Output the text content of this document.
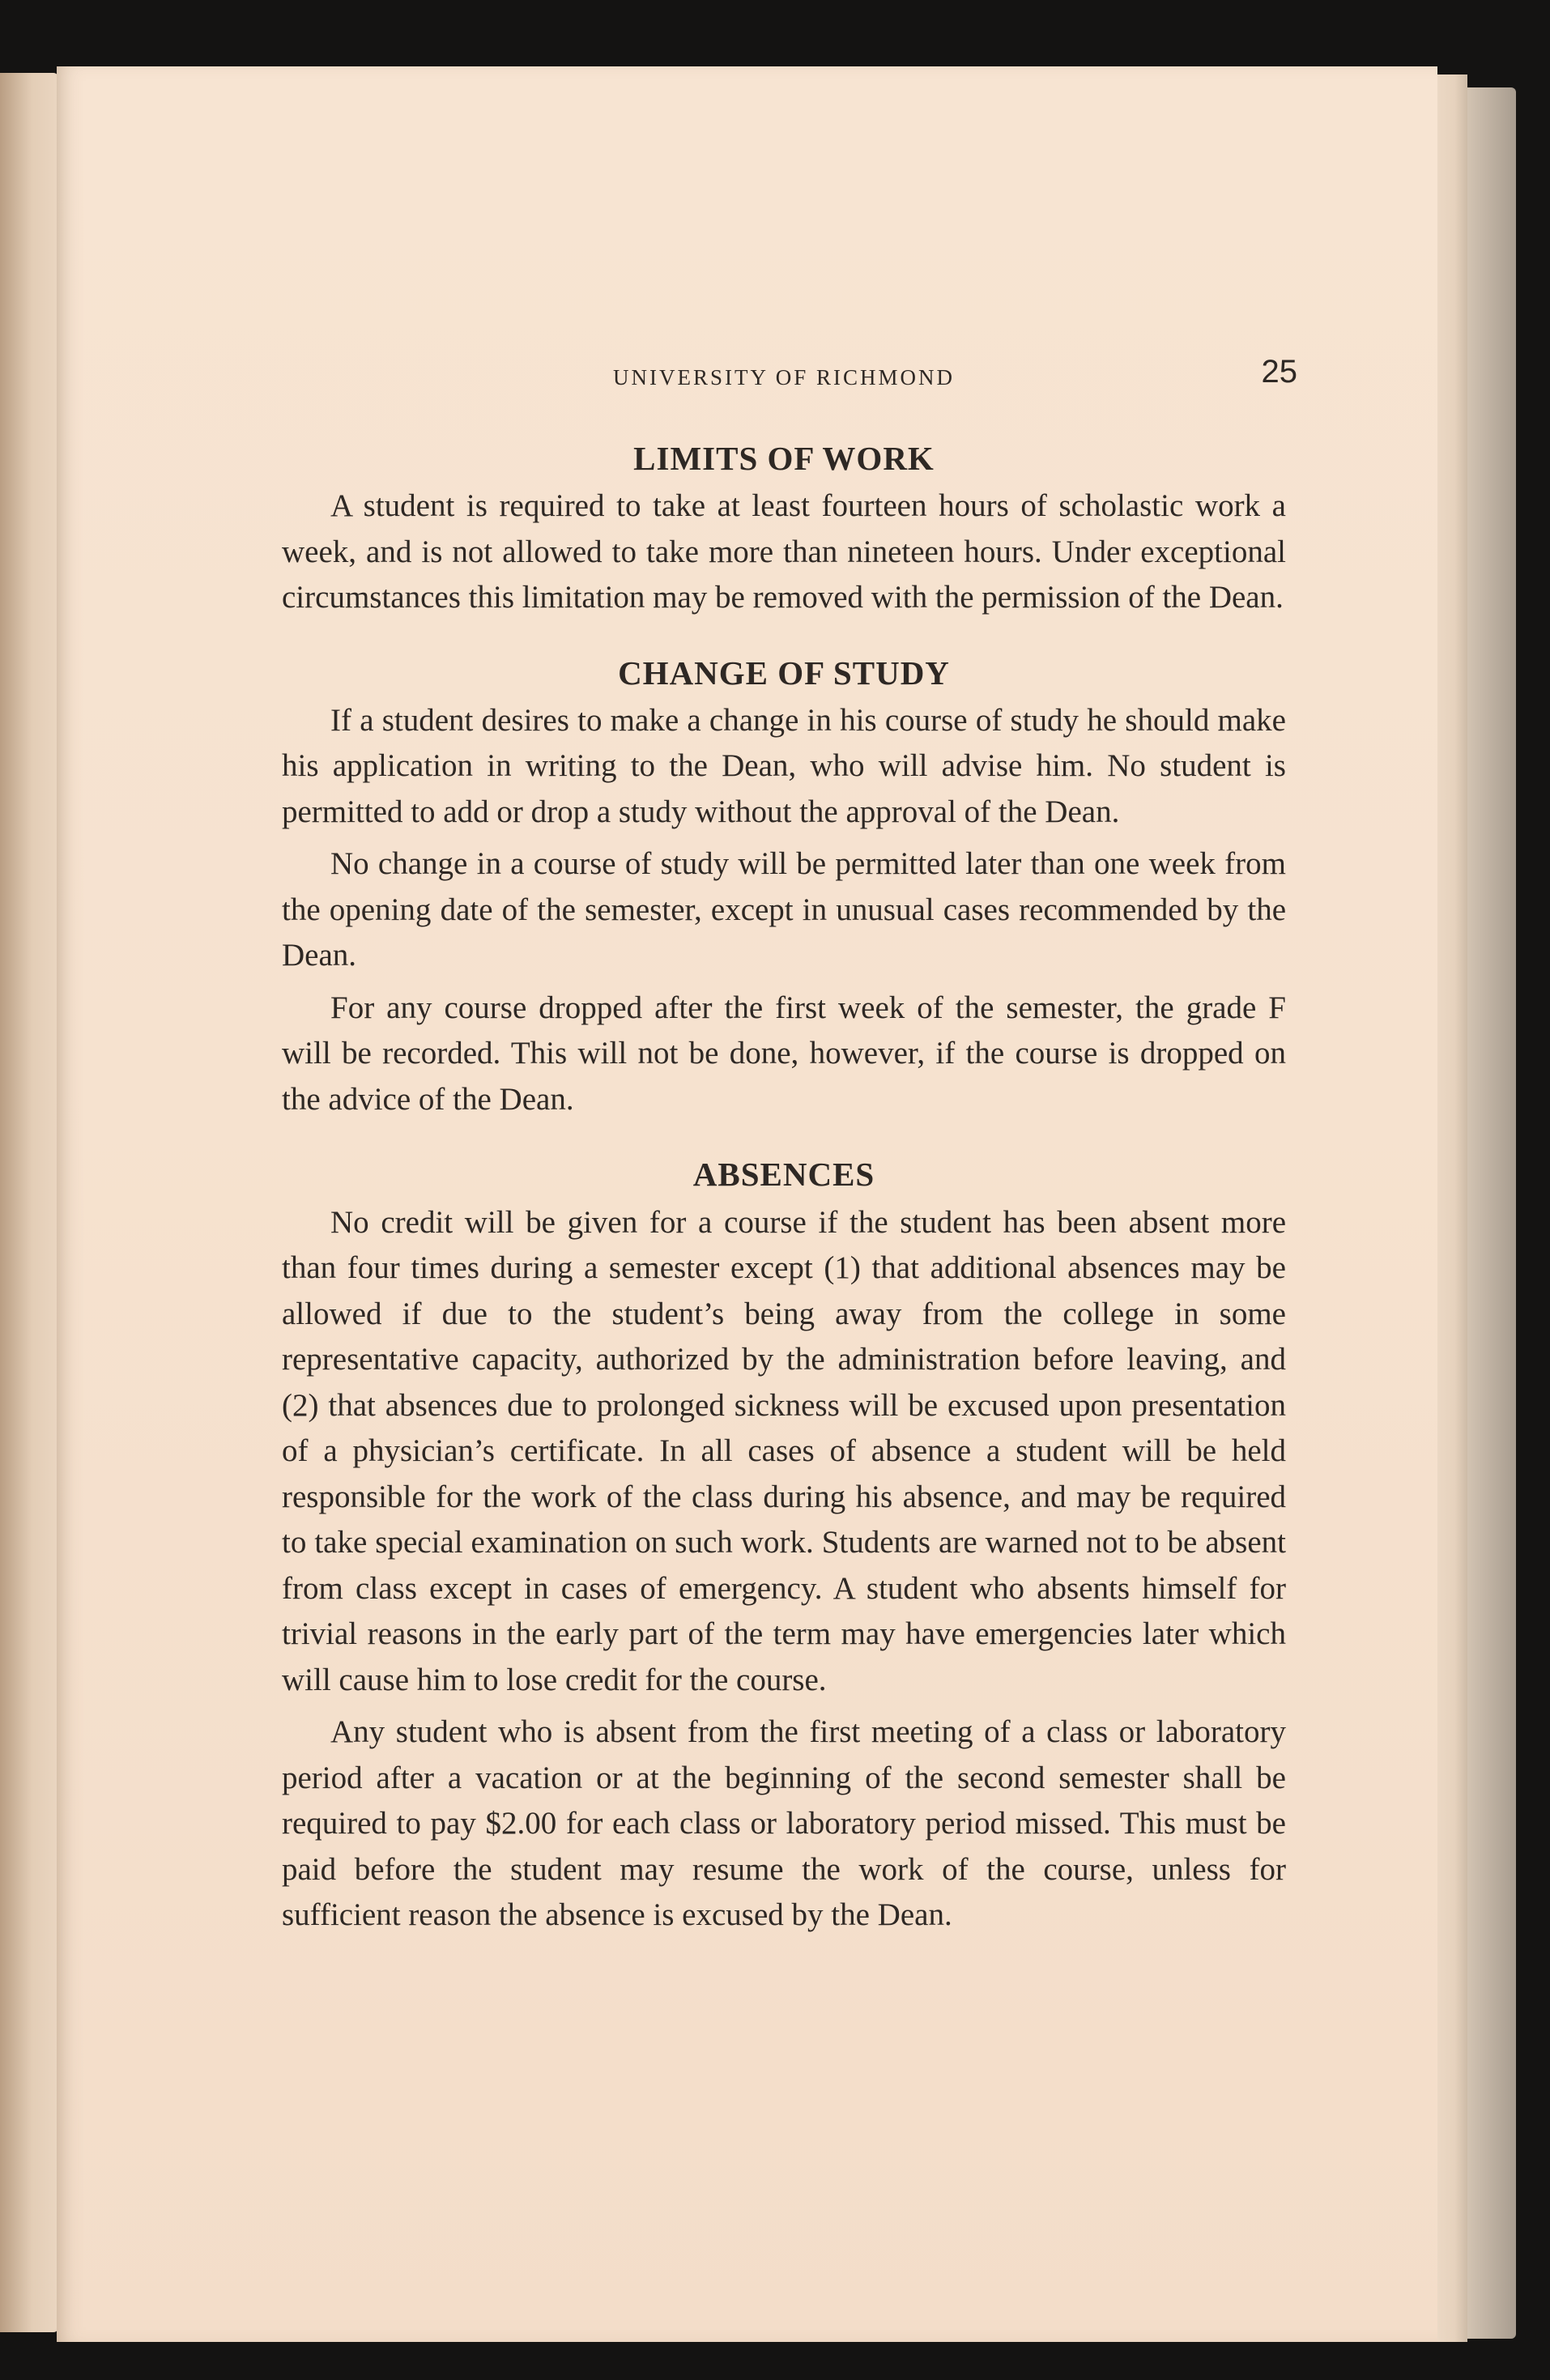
UNIVERSITY OF RICHMOND	25
LIMITS OF WORK

A student is required to take at least fourteen hours of scholastic work a week, and is not allowed to take more than nineteen hours. Under exceptional circumstances this limitation may be removed with the permission of the Dean.

CHANGE OF STUDY

If a student desires to make a change in his course of study he should make his application in writing to the Dean, who will advise him. No student is permitted to add or drop a study without the approval of the Dean.

No change in a course of study will be permitted later than one week from the opening date of the semester, except in unusual cases recommended by the Dean.

For any course dropped after the first week of the semester, the grade F will be recorded. This will not be done, however, if the course is dropped on the advice of the Dean.

ABSENCES

No credit will be given for a course if the student has been absent more than four times during a semester except (1) that additional absences may be allowed if due to the student’s being away from the college in some representative capacity, authorized by the administration before leaving, and (2) that absences due to prolonged sickness will be excused upon presentation of a physician’s certificate. In all cases of absence a student will be held responsible for the work of the class during his absence, and may be required to take special examination on such work. Students are warned not to be absent from class except in cases of emergency. A student who absents himself for trivial reasons in the early part of the term may have emergencies later which will cause him to lose credit for the course.

Any student who is absent from the first meeting of a class or laboratory period after a vacation or at the beginning of the second semester shall be required to pay $2.00 for each class or laboratory period missed. This must be paid before the student may resume the work of the course, unless for sufficient reason the absence is excused by the Dean.
